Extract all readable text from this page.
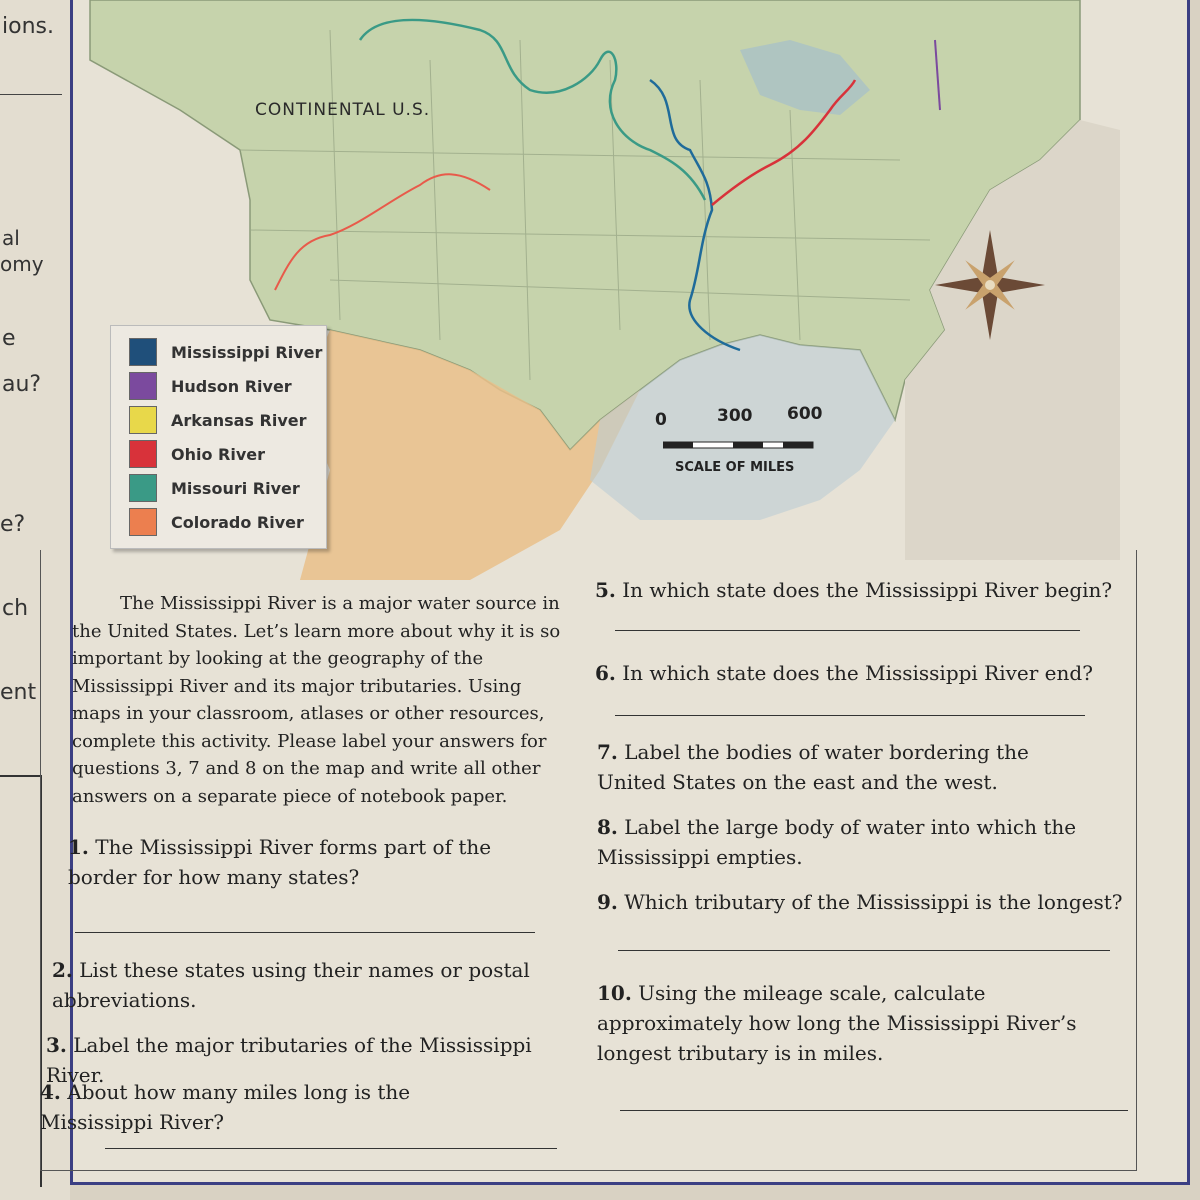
ions.
al
omy
e
au?
e?
ch
ent
CONTINENTAL U.S.
Mississippi River
Hudson River
Arkansas River
Ohio River
Missouri River
Colorado River
0	300 600
SCALE OF MILES
The Mississippi River is a major water source in the United States. Let’s learn more about why it is so important by looking at the geography of the Mississippi River and its major tributaries. Using maps in your classroom, atlases or other resources, complete this activity. Please label your answers for questions 3, 7 and 8 on the map and write all other answers on a separate piece of notebook paper.
1. The Mississippi River forms part of the border for how many states?
2. List these states using their names or postal abbreviations.
3. Label the major tributaries of the Mississippi River.
4. About how many miles long is the Mississippi River?
5. In which state does the Mississippi River begin?
6. In which state does the Mississippi River end?
7. Label the bodies of water bordering the United States on the east and the west.
8. Label the large body of water into which the Mississippi empties.
9. Which tributary of the Mississippi is the longest?
10. Using the mileage scale, calculate approximately how long the Mississippi River’s longest tributary is in miles.
